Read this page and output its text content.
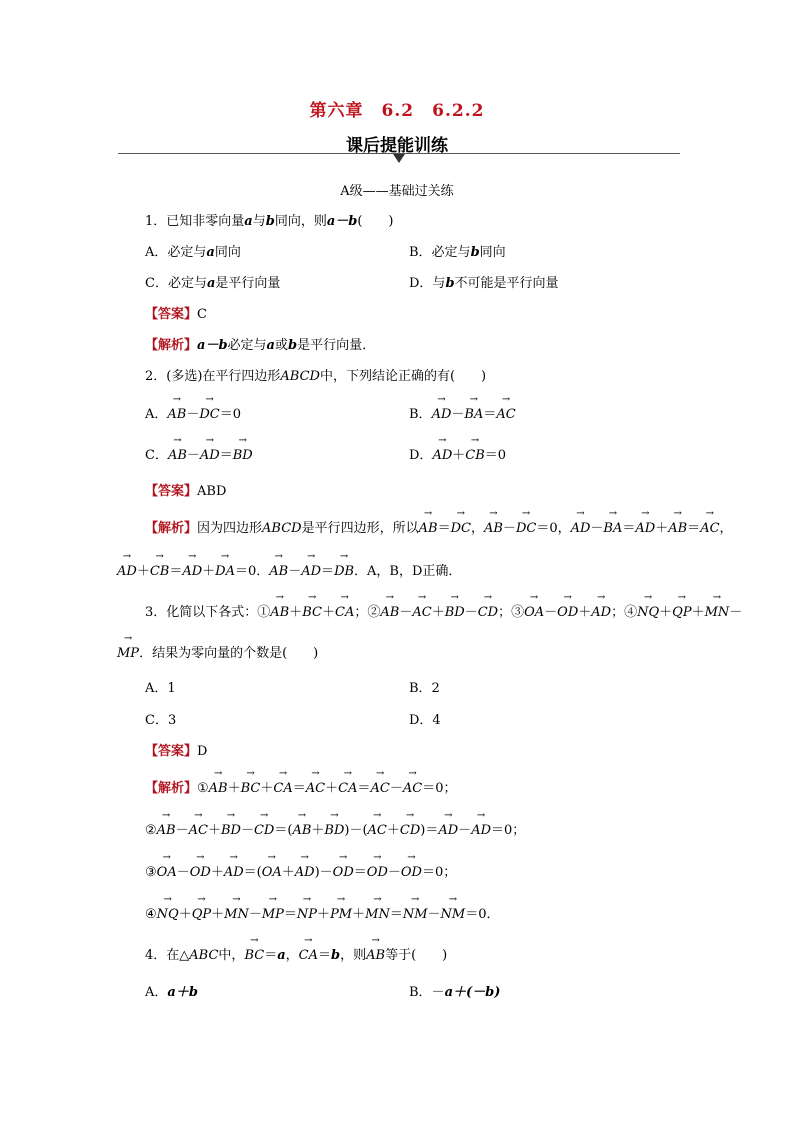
第六章　6.2　6.2.2
课后提能训练
A级——基础过关练
1．已知非零向量a与b同向，则a－b(　　)
A．必定与a同向	B．必定与b同向
C．必定与a是平行向量	D．与b不可能是平行向量
【答案】C
【解析】a－b必定与a或b是平行向量．
2．(多选)在平行四边形ABCD中，下列结论正确的有(　　)
A．→ AB－→ DC＝0	B．→ AD－→ BA＝→ AC
C．→ AB－→ AD＝→ BD	D．→ AD＋→ CB＝0
【答案】ABD
【解析】因为四边形ABCD是平行四边形，所以→ AB＝→ DC，→ AB－→ DC＝0，→ AD－→ BA＝→ AD＋→ AB＝→ AC，
→ AD＋→ CB＝→ AD＋→ DA＝0．→ AB－→ AD＝→ DB．A，B，D正确．
3．化简以下各式：①→ AB＋→ BC＋→ CA；②→ AB－→ AC＋→ BD－→ CD；③→ OA－→ OD＋→ AD；④→ NQ＋→ QP＋→ MN－
→ MP．结果为零向量的个数是(　　)
A．1	B．2
C．3	D．4
【答案】D
【解析】①→ AB＋→ BC＋→ CA＝→ AC＋→ CA＝→ AC－→ AC＝0；
②→ AB－→ AC＋→ BD－→ CD＝(→ AB＋→ BD)－(→ AC＋→ CD)＝→ AD－→ AD＝0；
③→ OA－→ OD＋→ AD＝(→ OA＋→ AD)－→ OD＝→ OD－→ OD＝0；
④→ NQ＋→ QP＋→ MN－→ MP＝→ NP＋→ PM＋→ MN＝→ NM－→ NM＝0．
4．在△ABC中，→ BC＝a，→ CA＝b，则→ AB等于(　　)
A．a＋b	B．－a＋(－b)
